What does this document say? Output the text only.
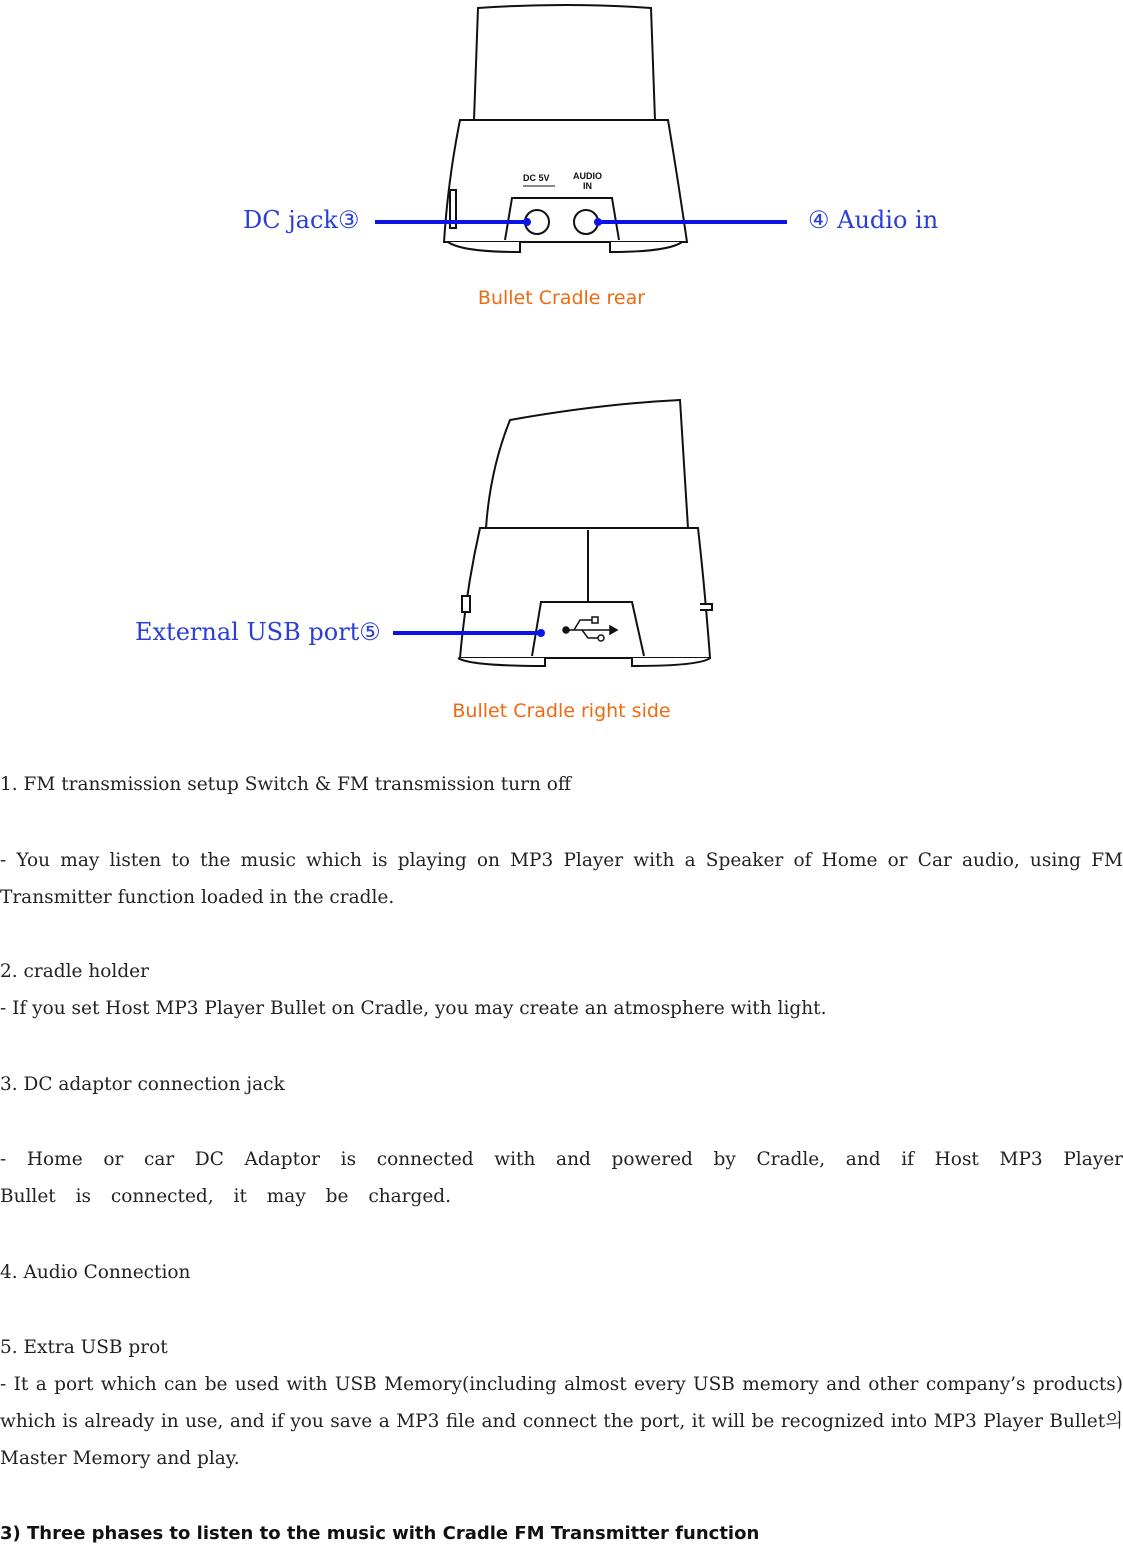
DC 5V	AUDIO
IN
DC jack③	④ Audio in
Bullet Cradle rear
External USB port⑤
Bullet Cradle right side
1. FM transmission setup Switch & FM transmission turn off
- You may listen to the music which is playing on MP3 Player with a Speaker of Home or Car audio, using FM Transmitter function loaded in the cradle.
2. cradle holder
- If you set Host MP3 Player Bullet on Cradle, you may create an atmosphere with light.
3. DC adaptor connection jack
- Home or car DC Adaptor is connected with and powered by Cradle, and if Host MP3 Player Bullet is connected, it may be charged.
4. Audio Connection
5. Extra USB prot
- It a port which can be used with USB Memory(including almost every USB memory and other company’s products) which is already in use, and if you save a MP3 file and connect the port, it will be recognized into MP3 Player Bullet의 Master Memory and play.
3) Three phases to listen to the music with Cradle FM Transmitter function
